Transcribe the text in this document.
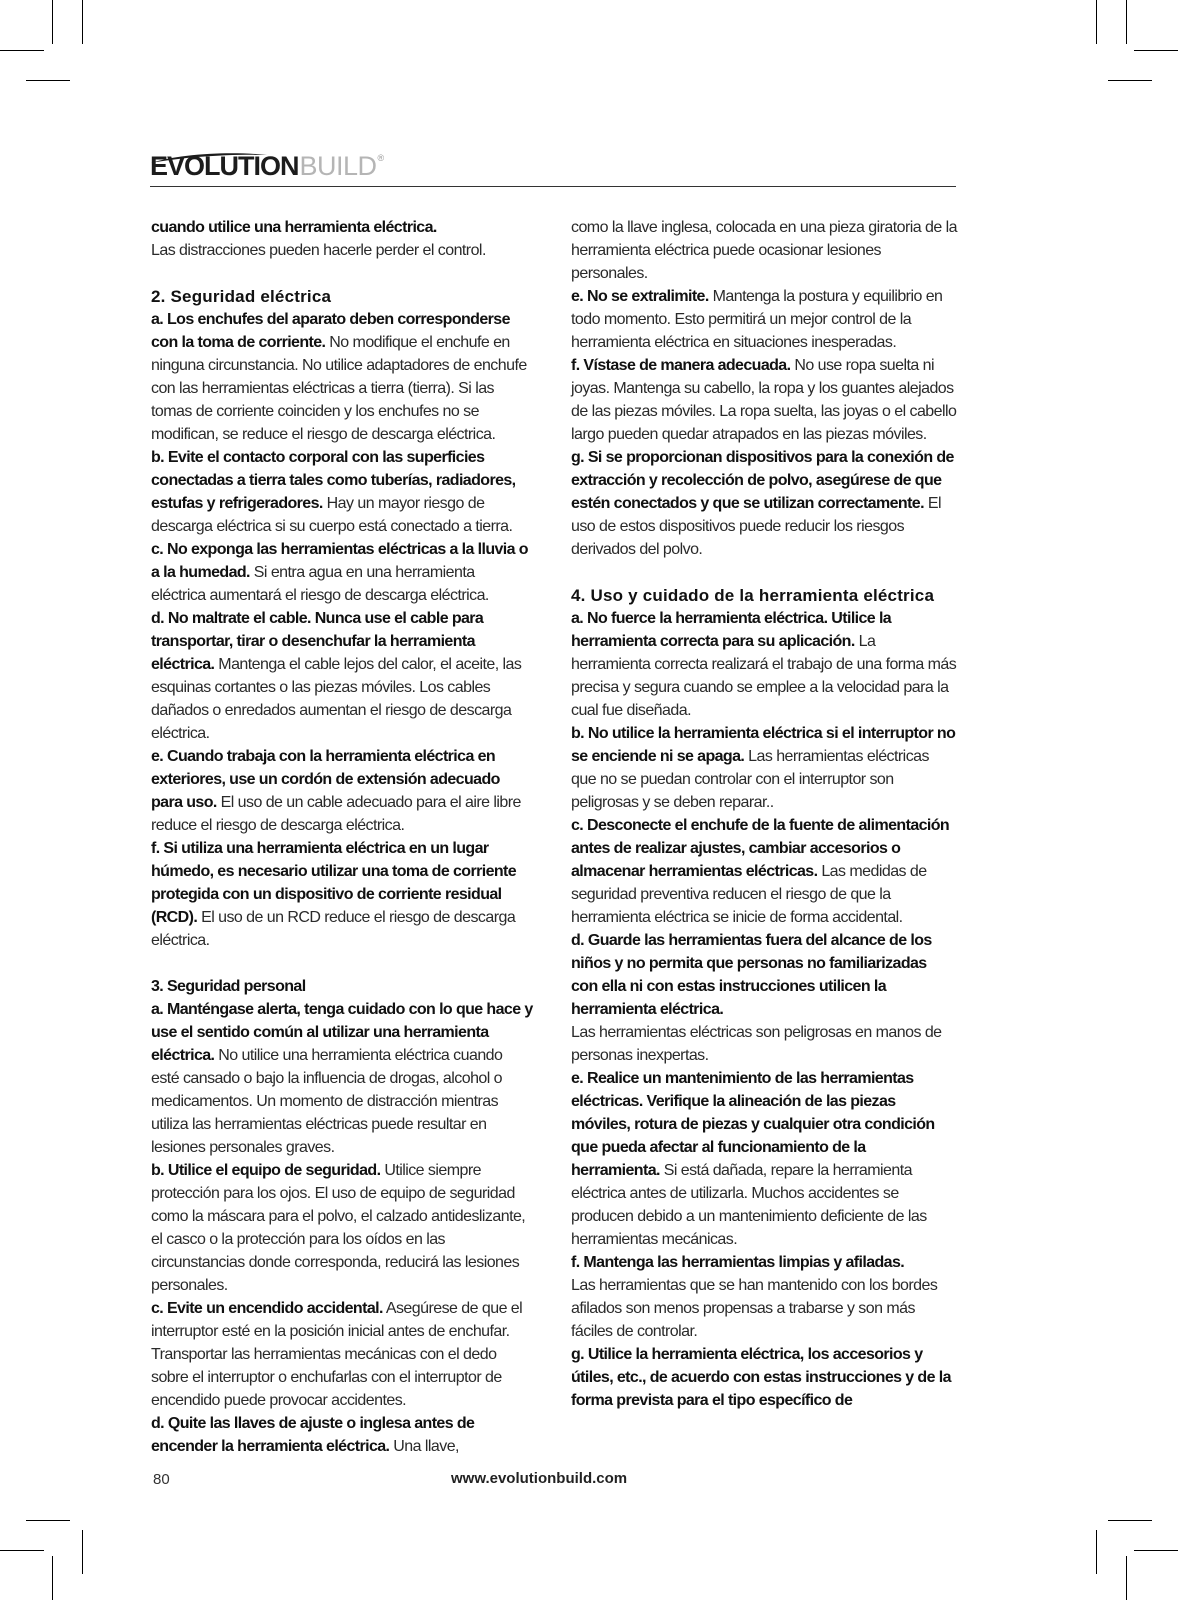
EVOLUTION BUILD ®

cuando utilice una herramienta eléctrica.
Las distracciones pueden hacerle perder el control.

2. Seguridad eléctrica

a. Los enchufes del aparato deben corresponderse con la toma de corriente. No modifique el enchufe en ninguna circunstancia. No utilice adaptadores de enchufe con las herramientas eléctricas a tierra (tierra). Si las tomas de corriente coinciden y los enchufes no se modifican, se reduce el riesgo de descarga eléctrica.

b. Evite el contacto corporal con las superficies conectadas a tierra tales como tuberías, radiadores, estufas y refrigeradores. Hay un mayor riesgo de descarga eléctrica si su cuerpo está conectado a tierra.

c. No exponga las herramientas eléctricas a la lluvia o a la humedad. Si entra agua en una herramienta eléctrica aumentará el riesgo de descarga eléctrica.

d. No maltrate el cable. Nunca use el cable para transportar, tirar o desenchufar la herramienta eléctrica. Mantenga el cable lejos del calor, el aceite, las esquinas cortantes o las piezas móviles. Los cables dañados o enredados aumentan el riesgo de descarga eléctrica.

e. Cuando trabaja con la herramienta eléctrica en exteriores, use un cordón de extensión adecuado para uso. El uso de un cable adecuado para el aire libre reduce el riesgo de descarga eléctrica.

f. Si utiliza una herramienta eléctrica en un lugar húmedo, es necesario utilizar una toma de corriente protegida con un dispositivo de corriente residual (RCD). El uso de un RCD reduce el riesgo de descarga eléctrica.

3. Seguridad personal

a. Manténgase alerta, tenga cuidado con lo que hace y use el sentido común al utilizar una herramienta eléctrica. No utilice una herramienta eléctrica cuando esté cansado o bajo la influencia de drogas, alcohol o medicamentos. Un momento de distracción mientras utiliza las herramientas eléctricas puede resultar en lesiones personales graves.

b. Utilice el equipo de seguridad. Utilice siempre protección para los ojos. El uso de equipo de seguridad como la máscara para el polvo, el calzado antideslizante, el casco o la protección para los oídos en las circunstancias donde corresponda, reducirá las lesiones personales.

c. Evite un encendido accidental. Asegúrese de que el interruptor esté en la posición inicial antes de enchufar. Transportar las herramientas mecánicas con el dedo sobre el interruptor o enchufarlas con el interruptor de encendido puede provocar accidentes.

d. Quite las llaves de ajuste o inglesa antes de encender la herramienta eléctrica. Una llave,

como la llave inglesa, colocada en una pieza giratoria de la herramienta eléctrica puede ocasionar lesiones personales.

e. No se extralimite. Mantenga la postura y equilibrio en todo momento. Esto permitirá un mejor control de la herramienta eléctrica en situaciones inesperadas.

f. Vístase de manera adecuada. No use ropa suelta ni joyas. Mantenga su cabello, la ropa y los guantes alejados de las piezas móviles. La ropa suelta, las joyas o el cabello largo pueden quedar atrapados en las piezas móviles.

g. Si se proporcionan dispositivos para la conexión de extracción y recolección de polvo, asegúrese de que estén conectados y que se utilizan correctamente. El uso de estos dispositivos puede reducir los riesgos derivados del polvo.

4. Uso y cuidado de la herramienta eléctrica

a. No fuerce la herramienta eléctrica. Utilice la herramienta correcta para su aplicación. La herramienta correcta realizará el trabajo de una forma más precisa y segura cuando se emplee a la velocidad para la cual fue diseñada.

b. No utilice la herramienta eléctrica si el interruptor no se enciende ni se apaga. Las herramientas eléctricas que no se puedan controlar con el interruptor son peligrosas y se deben reparar..

c. Desconecte el enchufe de la fuente de alimentación antes de realizar ajustes, cambiar accesorios o almacenar herramientas eléctricas. Las medidas de seguridad preventiva reducen el riesgo de que la herramienta eléctrica se inicie de forma accidental.

d. Guarde las herramientas fuera del alcance de los niños y no permita que personas no familiarizadas con ella ni con estas instrucciones utilicen la herramienta eléctrica.
Las herramientas eléctricas son peligrosas en manos de personas inexpertas.

e. Realice un mantenimiento de las herramientas eléctricas. Verifique la alineación de las piezas móviles, rotura de piezas y cualquier otra condición que pueda afectar al funcionamiento de la herramienta. Si está dañada, repare la herramienta eléctrica antes de utilizarla. Muchos accidentes se producen debido a un mantenimiento deficiente de las herramientas mecánicas.

f. Mantenga las herramientas limpias y afiladas.
Las herramientas que se han mantenido con los bordes afilados son menos propensas a trabarse y son más fáciles de controlar.

g. Utilice la herramienta eléctrica, los accesorios y útiles, etc., de acuerdo con estas instrucciones y de la forma prevista para el tipo específico de

80	www.evolutionbuild.com
